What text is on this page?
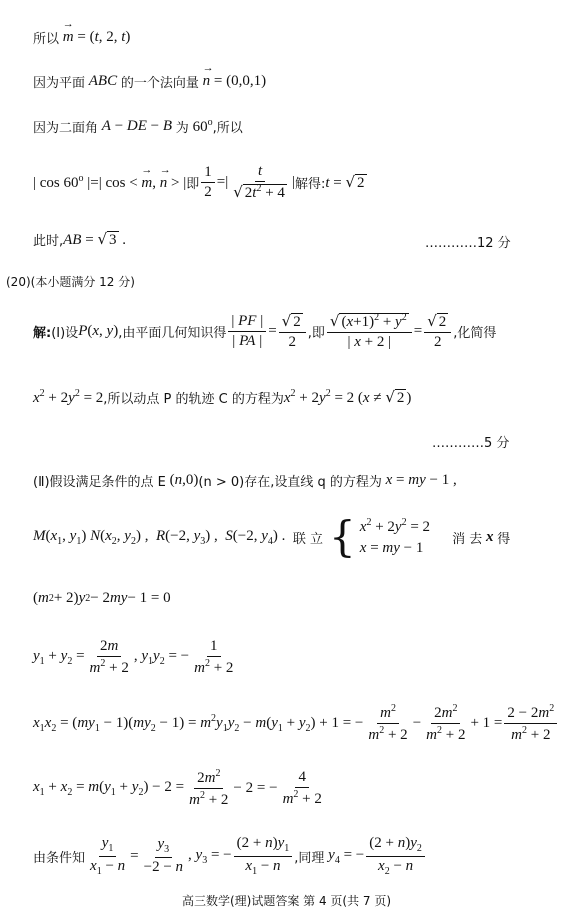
所以 → m = (t, 2, t)
因为平面 ABC 的一个法向量 → n = (0,0,1)
因为二面角 A − DE − B 为 60$^o$ ,所以
| cos 60$^o$ |=| cos < → m, → n > | 即 $\frac{1}{2}$ =| $\frac{t}{√ 2t^2 + 4}$ | 解得: t = √ 2
此时, AB = √ 3 .	…………12 分
(20)(本小题满分 12 分)
解: (Ⅰ)设 P(x, y) ,由平面几何知识得 $\frac{| PF |}{| PA |} = \frac{√ 2}{2}$ ,即 $\frac{√ (x+1)^2 + y^2}{| x + 2 |} = \frac{√ 2}{2}$ ,化简得
$x^2 + 2y^2 = 2$ ,所以动点 P 的轨迹 C 的方程为 $x^2 + 2y^2 = 2$ (x ≠ √ 2 )
…………5 分
(Ⅱ)假设满足条件的点 E (n,0) (n > 0)存在,设直线 q 的方程为 x = my − 1 ,
$M(x_1$, $y_1$) $N(x_2$, $y_2$) ,  R(−2, $y_3$) ,  S(−2, $y_4$) . 联 立 { $x^2 + 2y^2 = 2$
x = my − 1
消 去 x 得
( m 2 + 2) y 2 − 2 my − 1 = 0
$y_1 + y_2 = \frac{2m}{m^2 + 2}$ , $y_1y_2$ = − $\frac{1}{m^2 + 2}$
$x_1x_2 = (my_1 - 1)(my_2 - 1) = m^2y_1y_2 - m(y_1 + y_2) + 1$ = − $\frac{m^2}{m^2 + 2} - \frac{2m^2}{m^2 + 2} + 1 = \frac{2 - 2m^2}{m^2 + 2}$
$x_1 + x_2 = m(y_1 + y_2) - 2 = \frac{2m^2}{m^2 + 2} - 2$ = − $\frac{4}{m^2 + 2}$
由条件知 $\frac{y_1}{x_1 - n} = \frac{y_3}{-2 - n}$ , $y_3$ = − $\frac{(2 + n)y_1}{x_1 - n}$ ,同理 $y_4$ = − $\frac{(2 + n)y_2}{x_2 - n}$
高三数学(理)试题答案 第 4 页(共 7 页)
